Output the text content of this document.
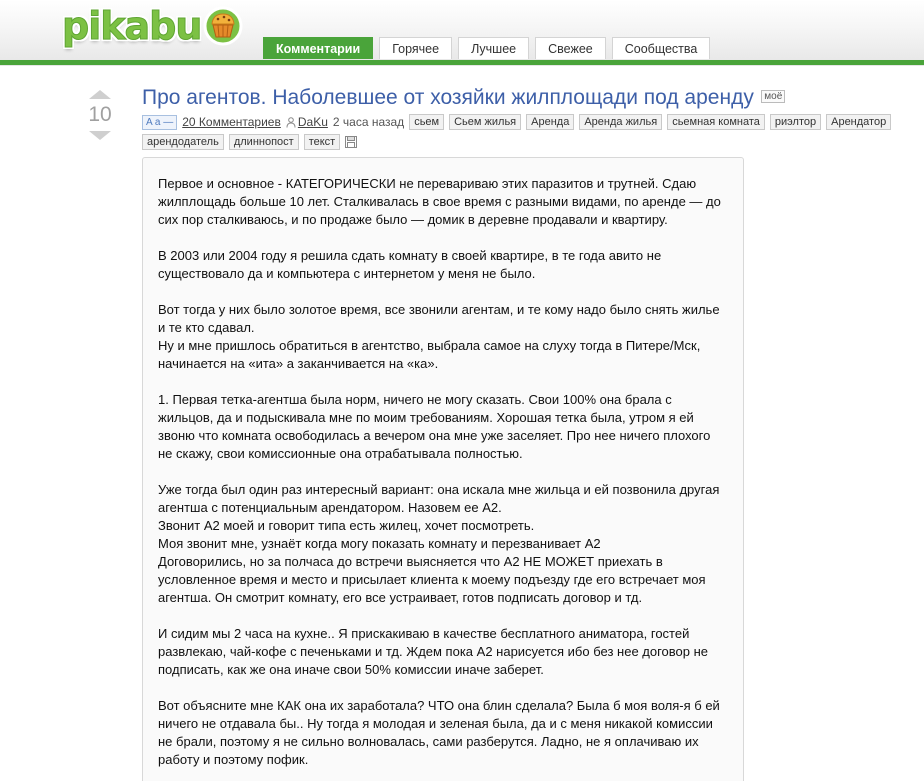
pikabu
Комментарии	Горячее	Лучшее	Свежее	Сообщества
10
Про агентов. Наболевшее от хозяйки жилплощади под аренду $^{моё}$
A a — 20 Комментариев DaKu 2 часа назад сьем	Сьем жилья	Аренда	Аренда жилья	сьемная комната	риэлтор	Арендатор
арендодатель	длиннопост	текст

Первое и основное - КАТЕГОРИЧЕСКИ не перевариваю этих паразитов и трутней. Сдаю жилплощадь больше 10 лет. Сталкивалась в свое время с разными видами, по аренде — до сих пор сталкиваюсь, и по продаже было — домик в деревне продавали и квартиру.

В 2003 или 2004 году я решила сдать комнату в своей квартире, в те года авито не существовало да и компьютера с интернетом у меня не было.

Вот тогда у них было золотое время, все звонили агентам, и те кому надо было снять жилье и те кто сдавал.
Ну и мне пришлось обратиться в агентство, выбрала самое на слуху тогда в Питере/Мск, начинается на «ита» а заканчивается на «ка».

1. Первая тетка-агентша была норм, ничего не могу сказать. Свои 100% она брала с жильцов, да и подыскивала мне по моим требованиям. Хорошая тетка была, утром я ей звоню что комната освободилась а вечером она мне уже заселяет. Про нее ничего плохого не скажу, свои комиссионные она отрабатывала полностью.

Уже тогда был один раз интересный вариант: она искала мне жильца и ей позвонила другая агентша с потенциальным арендатором. Назовем ее А2.
Звонит А2 моей и говорит типа есть жилец, хочет посмотреть.
Моя звонит мне, узнаёт когда могу показать комнату и перезванивает А2
Договорились, но за полчаса до встречи выясняется что А2 НЕ МОЖЕТ приехать в условленное время и место и присылает клиента к моему подъезду где его встречает моя агентша. Он смотрит комнату, его все устраивает, готов подписать договор и тд.

И сидим мы 2 часа на кухне.. Я прискакиваю в качестве бесплатного аниматора, гостей развлекаю, чай-кофе с печеньками и тд. Ждем пока А2 нарисуется ибо без нее договор не подписать, как же она иначе свои 50% комиссии иначе заберет.

Вот объясните мне КАК она их заработала? ЧТО она блин сделала? Была б моя воля-я б ей ничего не отдавала бы.. Ну тогда я молодая и зеленая была, да и с меня никакой комиссии не брали, поэтому я не сильно волновалась, сами разберутся. Ладно, не я оплачиваю их работу и поэтому пофик.
